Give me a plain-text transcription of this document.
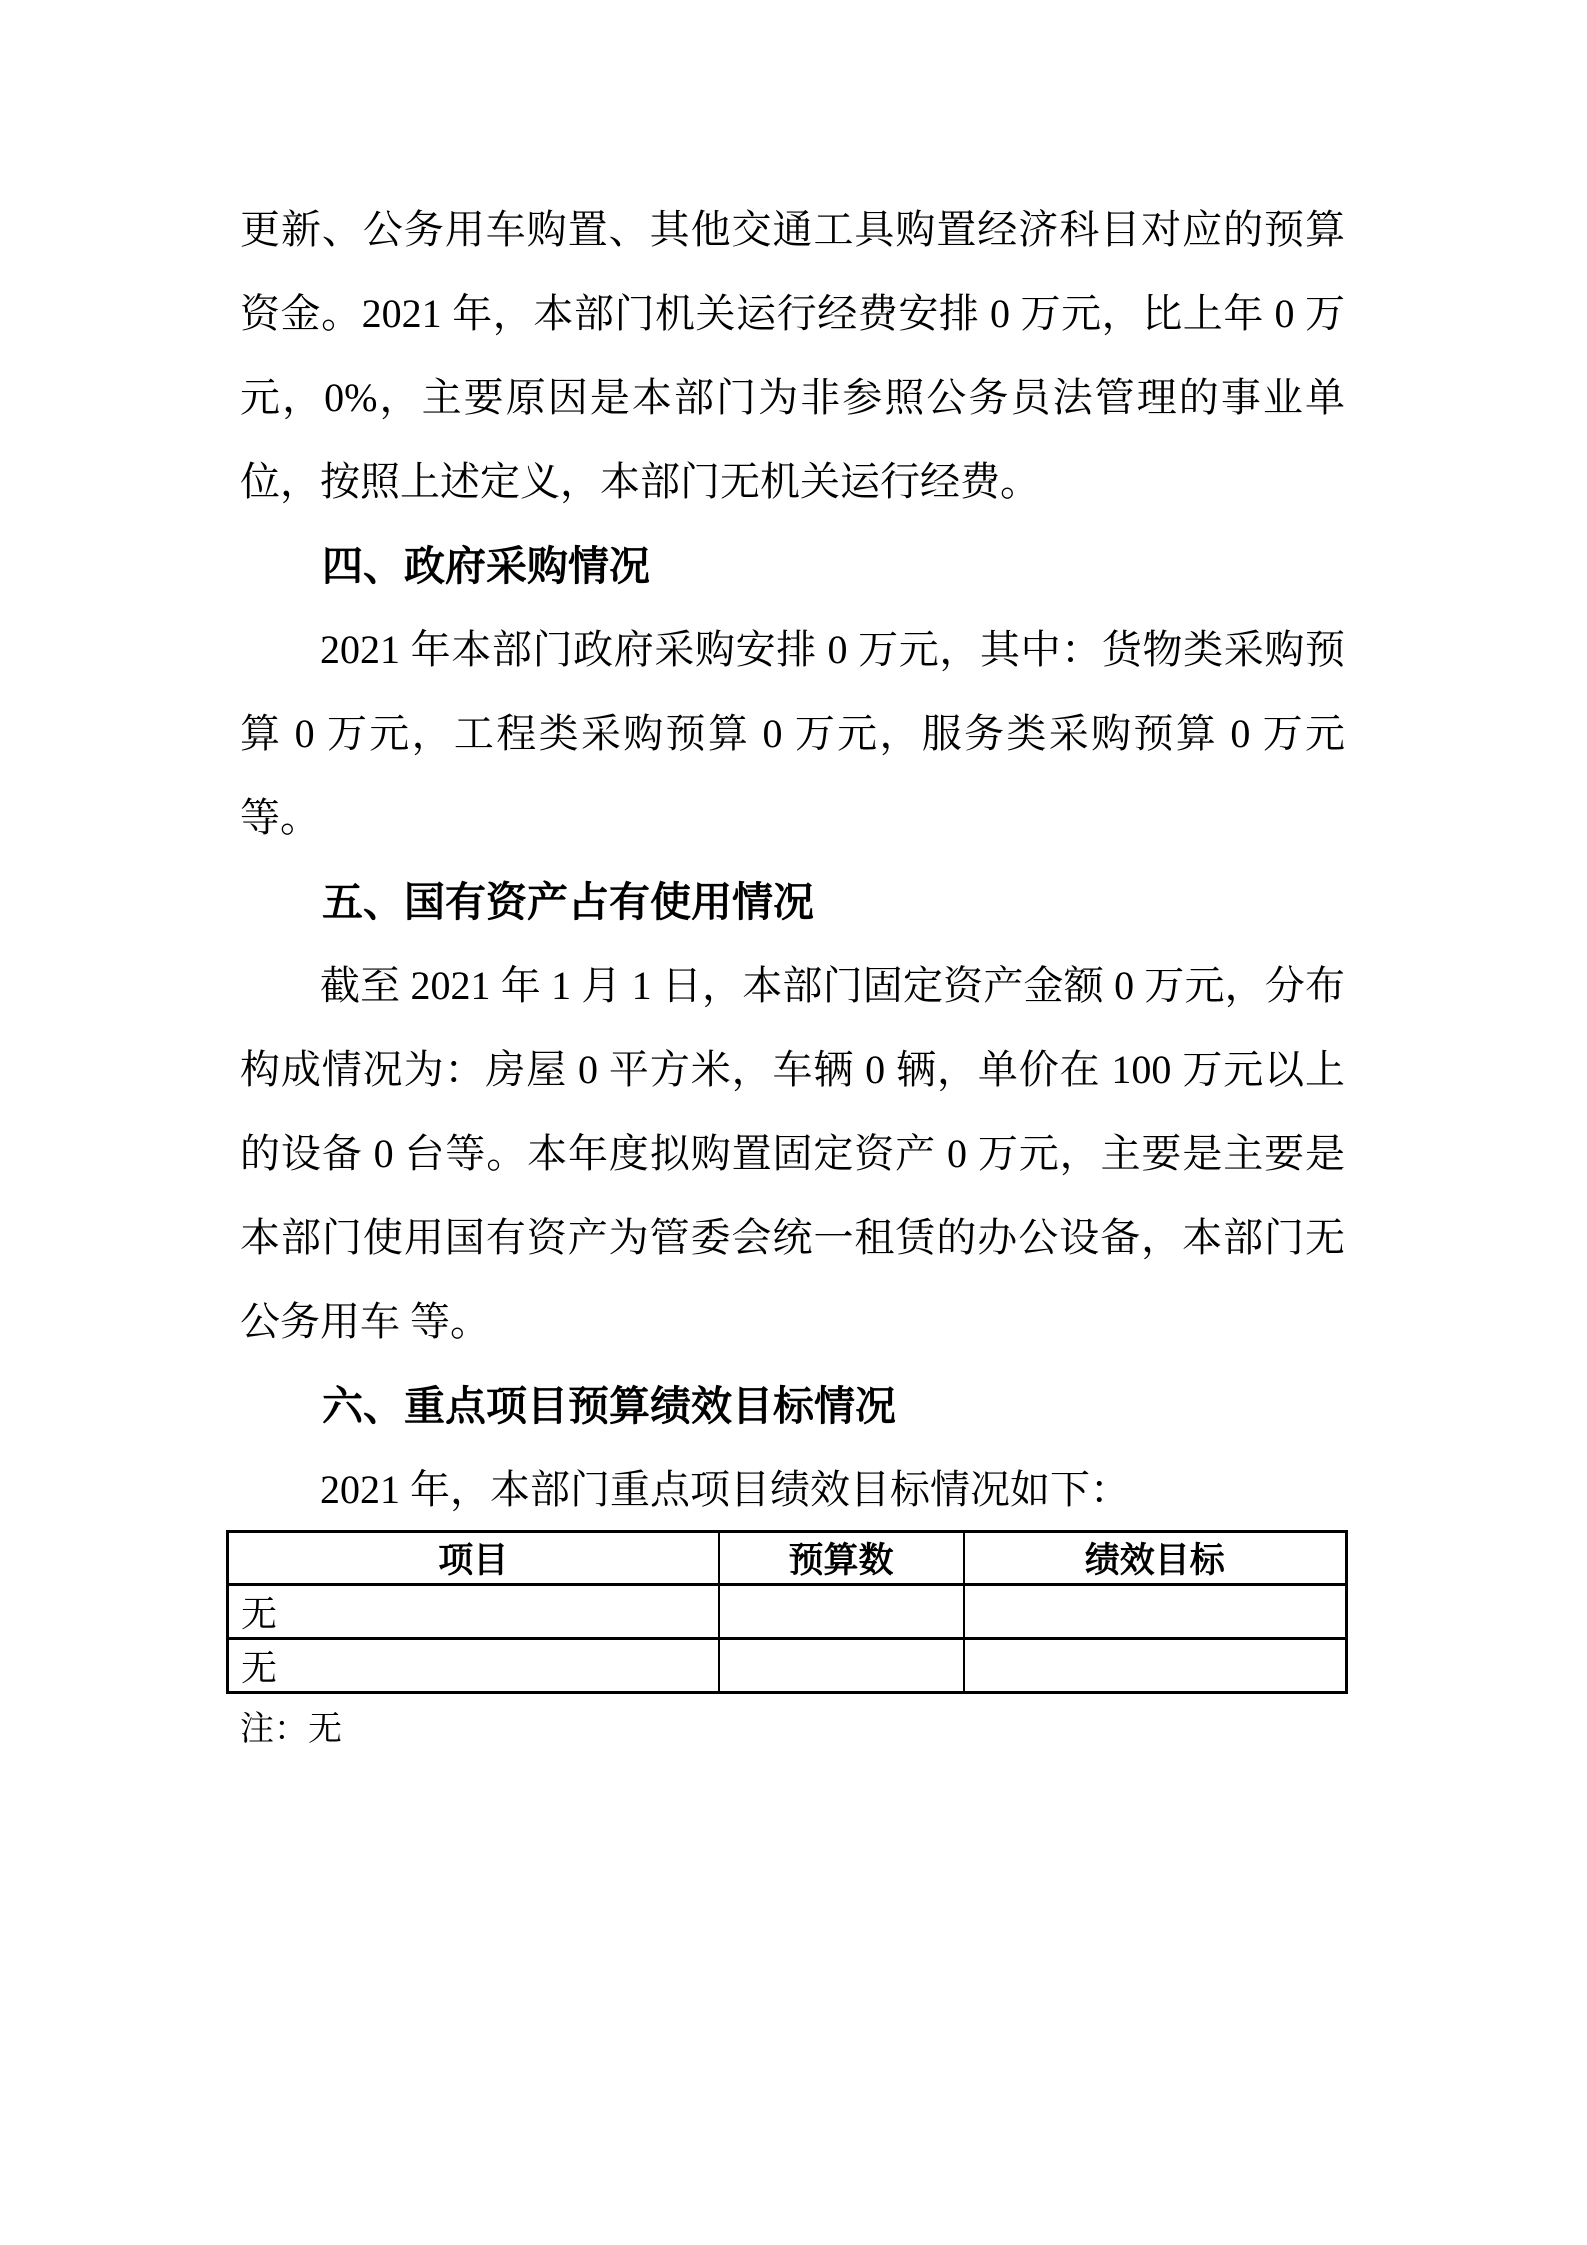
更新、公务用车购置、其他交通工具购置经济科目对应的预算资金。2021 年，本部门机关运行经费安排 0 万元，比上年 0 万元，0%，主要原因是本部门为非参照公务员法管理的事业单位，按照上述定义，本部门无机关运行经费。

四、政府采购情况

2021 年本部门政府采购安排 0 万元，其中：货物类采购预算 0 万元，工程类采购预算 0 万元，服务类采购预算 0 万元等。

五、国有资产占有使用情况

截至 2021 年 1 月 1 日，本部门固定资产金额 0 万元，分布构成情况为：房屋 0 平方米，车辆 0 辆，单价在 100 万元以上的设备 0 台等。本年度拟购置固定资产 0 万元，主要是主要是本部门使用国有资产为管委会统一租赁的办公设备，本部门无公务用车 等。

六、重点项目预算绩效目标情况

2021 年，本部门重点项目绩效目标情况如下：

项目	预算数	绩效目标
无		
无		
注：无
